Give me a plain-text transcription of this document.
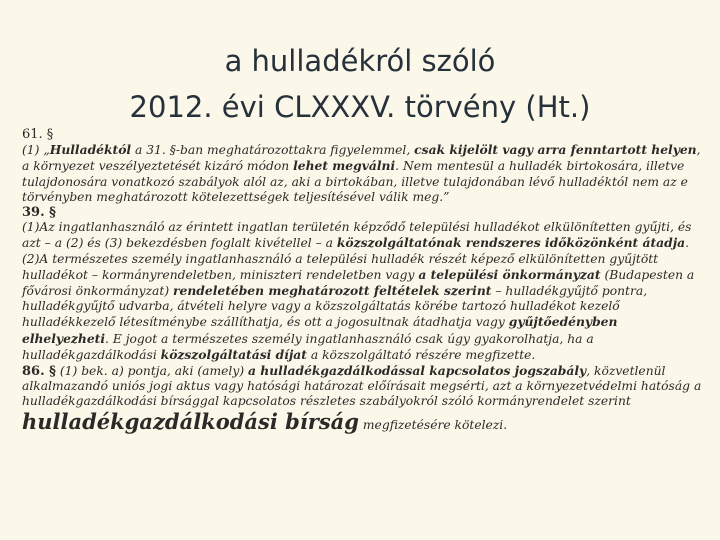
a hulladékról szóló
2012. évi CLXXXV. törvény (Ht.)
61. §

(1) „Hulladéktól a 31. §-ban meghatározottakra figyelemmel, csak kijelölt vagy arra fenntartott helyen, a környezet veszélyeztetését kizáró módon lehet megválni. Nem mentesül a hulladék birtokosára, illetve tulajdonosára vonatkozó szabályok alól az, aki a birtokában, illetve tulajdonában lévő hulladéktól nem az e törvényben meghatározott kötelezettségek teljesítésével válik meg.”

39. §

(1)Az ingatlanhasználó az érintett ingatlan területén képződő települési hulladékot elkülönítetten gyűjti, és azt – a (2) és (3) bekezdésben foglalt kivétellel – a közszolgáltatónak rendszeres időközönként átadja.

(2)A természetes személy ingatlanhasználó a települési hulladék részét képező elkülönítetten gyűjtött hulladékot – kormányrendeletben, miniszteri rendeletben vagy a települési önkormányzat (Budapesten a fővárosi önkormányzat) rendeletében meghatározott feltételek szerint – hulladékgyűjtő pontra, hulladékgyűjtő udvarba, átvételi helyre vagy a közszolgáltatás körébe tartozó hulladékot kezelő hulladékkezelő létesítménybe szállíthatja, és ott a jogosultnak átadhatja vagy gyűjtőedényben elhelyezheti. E jogot a természetes személy ingatlanhasználó csak úgy gyakorolhatja, ha a hulladékgazdálkodási közszolgáltatási díjat a közszolgáltató részére megfizette.

86. § (1) bek. a) pontja, aki (amely) a hulladékgazdálkodással kapcsolatos jogszabály, közvetlenül alkalmazandó uniós jogi aktus vagy hatósági határozat előírásait megsérti, azt a környezetvédelmi hatóság a hulladékgazdálkodási bírsággal kapcsolatos részletes szabályokról szóló kormányrendelet szerint hulladékgazdálkodási bírság megfizetésére kötelezi.
